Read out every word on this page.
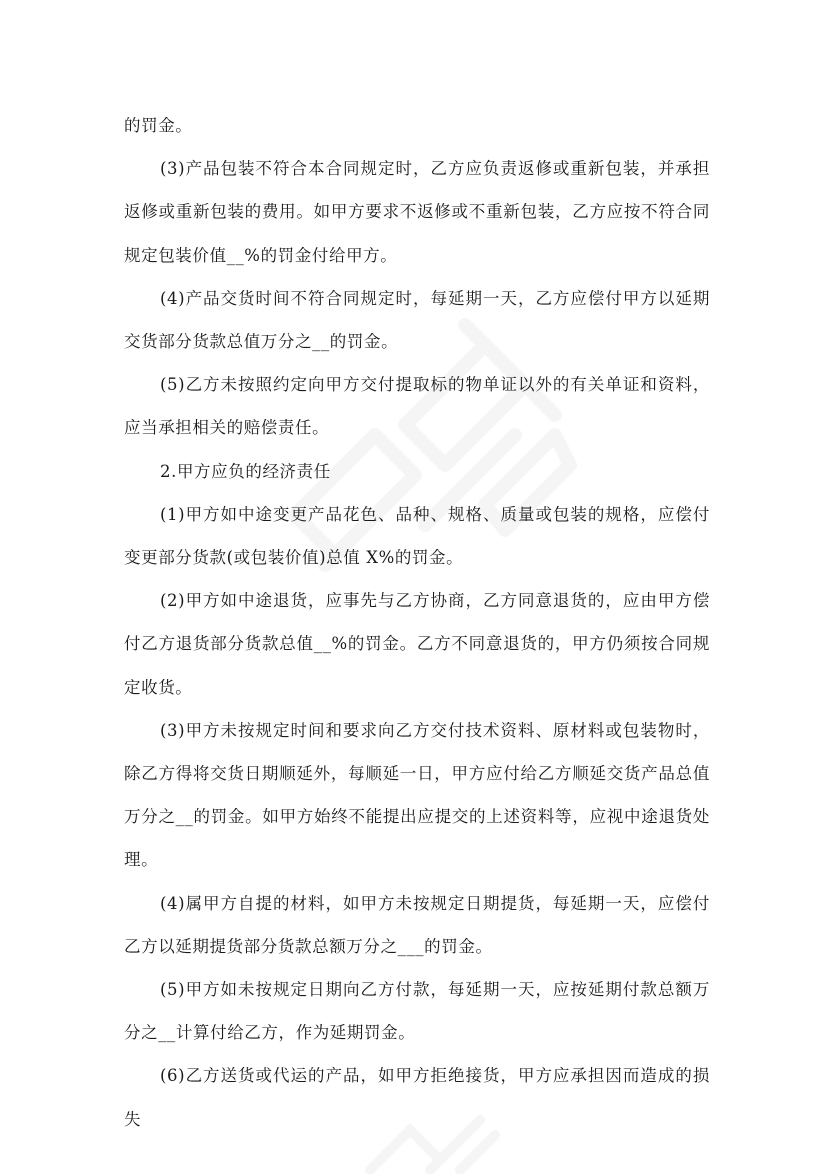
的罚金。

(3)产品包装不符合本合同规定时，乙方应负责返修或重新包装，并承担返修或重新包装的费用。如甲方要求不返修或不重新包装，乙方应按不符合同规定包装价值__%的罚金付给甲方。

(4)产品交货时间不符合同规定时，每延期一天，乙方应偿付甲方以延期交货部分货款总值万分之__的罚金。

(5)乙方未按照约定向甲方交付提取标的物单证以外的有关单证和资料，应当承担相关的赔偿责任。

2.甲方应负的经济责任

(1)甲方如中途变更产品花色、品种、规格、质量或包装的规格，应偿付变更部分货款(或包装价值)总值 X%的罚金。

(2)甲方如中途退货，应事先与乙方协商，乙方同意退货的，应由甲方偿付乙方退货部分货款总值__%的罚金。乙方不同意退货的，甲方仍须按合同规定收货。

(3)甲方未按规定时间和要求向乙方交付技术资料、原材料或包装物时，除乙方得将交货日期顺延外，每顺延一日，甲方应付给乙方顺延交货产品总值万分之__的罚金。如甲方始终不能提出应提交的上述资料等，应视中途退货处理。

(4)属甲方自提的材料，如甲方未按规定日期提货，每延期一天，应偿付乙方以延期提货部分货款总额万分之___的罚金。

(5)甲方如未按规定日期向乙方付款，每延期一天，应按延期付款总额万分之__计算付给乙方，作为延期罚金。

(6)乙方送货或代运的产品，如甲方拒绝接货，甲方应承担因而造成的损失
